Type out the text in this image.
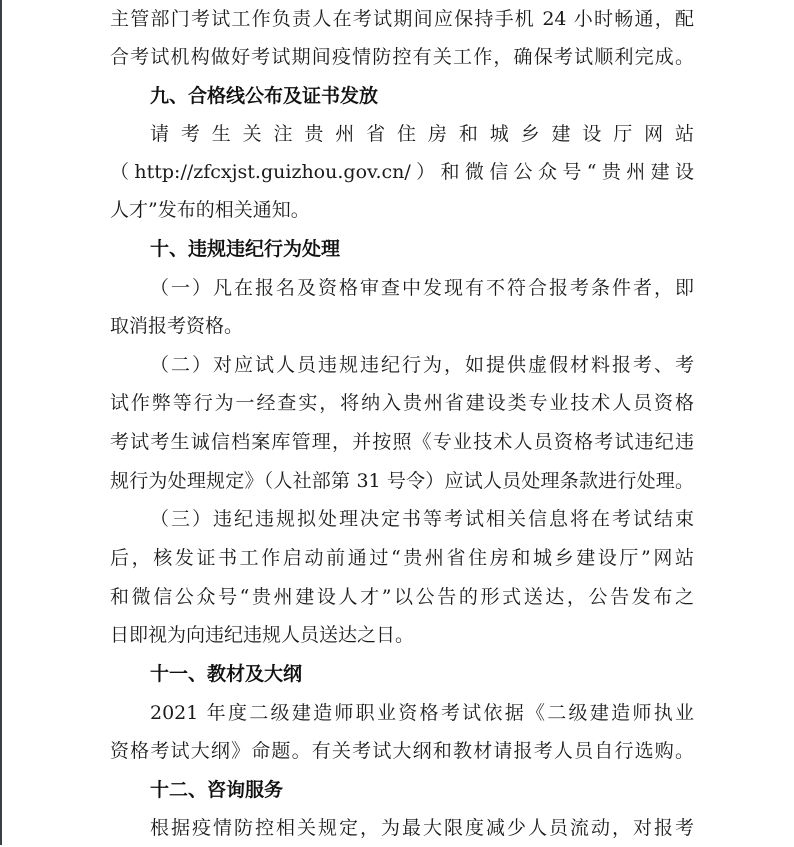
主管部门考试工作负责人在考试期间应保持手机 24 小时畅通，配
合考试机构做好考试期间疫情防控有关工作，确保考试顺利完成。
九、合格线公布及证书发放
请考生关注贵州省住房和城乡建设厅网站
（http://zfcxjst.guizhou.gov.cn/）和微信公众号“贵州建设
人才”发布的相关通知。
十、违规违纪行为处理
（一）凡在报名及资格审查中发现有不符合报考条件者，即
取消报考资格。
（二）对应试人员违规违纪行为，如提供虚假材料报考、考
试作弊等行为一经查实，将纳入贵州省建设类专业技术人员资格
考试考生诚信档案库管理，并按照《专业技术人员资格考试违纪违
规行为处理规定》（人社部第 31 号令）应试人员处理条款进行处理。
（三）违纪违规拟处理决定书等考试相关信息将在考试结束
后，核发证书工作启动前通过“贵州省住房和城乡建设厅”网站
和微信公众号“贵州建设人才”以公告的形式送达，公告发布之
日即视为向违纪违规人员送达之日。
十一、教材及大纲
2021 年度二级建造师职业资格考试依据《二级建造师执业
资格考试大纲》命题。有关考试大纲和教材请报考人员自行选购。
十二、咨询服务
根据疫情防控相关规定，为最大限度减少人员流动，对报考
